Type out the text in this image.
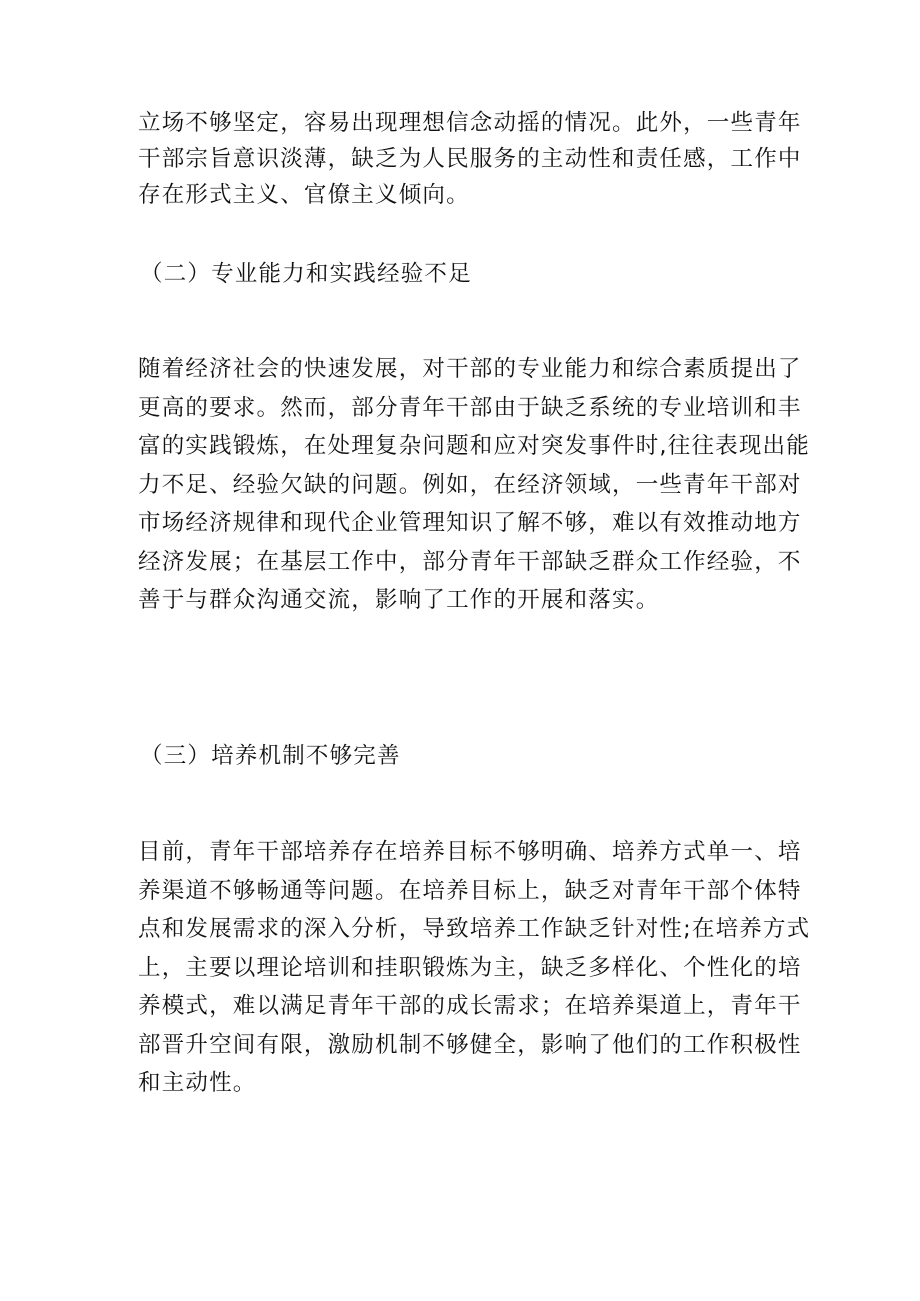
立场不够坚定，容易出现理想信念动摇的情况。此外，一些青年
干部宗旨意识淡薄，缺乏为人民服务的主动性和责任感，工作中
存在形式主义、官僚主义倾向。
（二）专业能力和实践经验不足
随着经济社会的快速发展，对干部的专业能力和综合素质提出了
更高的要求。然而，部分青年干部由于缺乏系统的专业培训和丰
富的实践锻炼，在处理复杂问题和应对突发事件时,往往表现出能
力不足、经验欠缺的问题。例如，在经济领域，一些青年干部对
市场经济规律和现代企业管理知识了解不够，难以有效推动地方
经济发展；在基层工作中，部分青年干部缺乏群众工作经验，不
善于与群众沟通交流，影响了工作的开展和落实。
（三）培养机制不够完善
目前，青年干部培养存在培养目标不够明确、培养方式单一、培
养渠道不够畅通等问题。在培养目标上，缺乏对青年干部个体特
点和发展需求的深入分析，导致培养工作缺乏针对性;在培养方式
上，主要以理论培训和挂职锻炼为主，缺乏多样化、个性化的培
养模式，难以满足青年干部的成长需求；在培养渠道上，青年干
部晋升空间有限，激励机制不够健全，影响了他们的工作积极性
和主动性。
